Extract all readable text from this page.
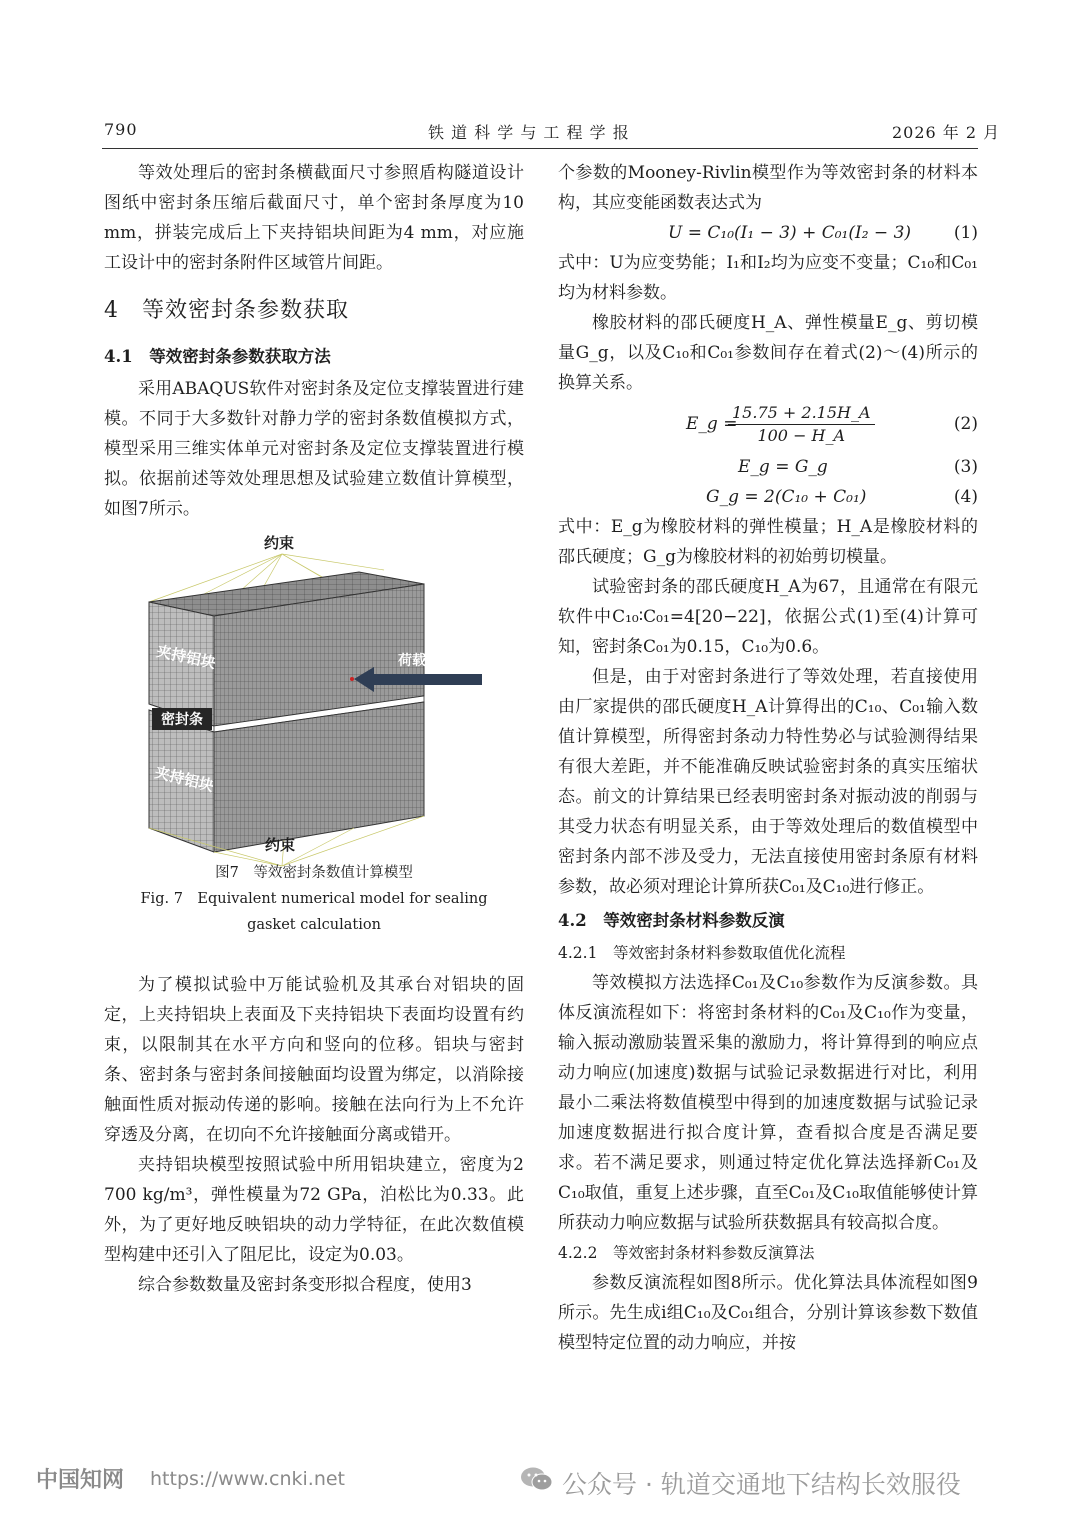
790	铁 道 科 学 与 工 程 学 报	2026 年 2 月

等效处理后的密封条横截面尺寸参照盾构隧道设计图纸中密封条压缩后截面尺寸，单个密封条厚度为10 mm，拼装完成后上下夹持铝块间距为4 mm，对应施工设计中的密封条附件区域管片间距。

4　等效密封条参数获取
4.1　等效密封条参数获取方法

采用ABAQUS软件对密封条及定位支撑装置进行建模。不同于大多数针对静力学的密封条数值模拟方式，模型采用三维实体单元对密封条及定位支撑装置进行模拟。依据前述等效处理思想及试验建立数值计算模型，如图7所示。

约束
夹持铝块
密封条
夹持铝块
荷载激励
约束
图7　等效密封条数值计算模型
Fig. 7　Equivalent numerical model for sealing gasket calculation

为了模拟试验中万能试验机及其承台对铝块的固定，上夹持铝块上表面及下夹持铝块下表面均设置有约束，以限制其在水平方向和竖向的位移。铝块与密封条、密封条与密封条间接触面均设置为绑定，以消除接触面性质对振动传递的影响。接触在法向行为上不允许穿透及分离，在切向不允许接触面分离或错开。

夹持铝块模型按照试验中所用铝块建立，密度为2 700 kg/m³，弹性模量为72 GPa，泊松比为0.33。此外，为了更好地反映铝块的动力学特征，在此次数值模型构建中还引入了阻尼比，设定为0.03。

综合参数数量及密封条变形拟合程度，使用3

个参数的Mooney-Rivlin模型作为等效密封条的材料本构，其应变能函数表达式为

U = C₁₀(I₁ − 3) + C₀₁(I₂ − 3)	(1)

式中：U为应变势能；I₁和I₂均为应变不变量；C₁₀和C₀₁均为材料参数。

橡胶材料的邵氏硬度H_A、弹性模量E_g、剪切模量G_g，以及C₁₀和C₀₁参数间存在着式(2)～(4)所示的换算关系。

E_g =
$\frac{15.75 + 2.15H\_A}{100 - H\_A}$	(2)
E_g = G_g	(3)
G_g = 2(C₁₀ + C₀₁)	(4)

式中：E_g为橡胶材料的弹性模量；H_A是橡胶材料的邵氏硬度；G_g为橡胶材料的初始剪切模量。

试验密封条的邵氏硬度H_A为67，且通常在有限元软件中C₁₀∶C₀₁=4[20−22]，依据公式(1)至(4)计算可知，密封条C₀₁为0.15，C₁₀为0.6。

但是，由于对密封条进行了等效处理，若直接使用由厂家提供的邵氏硬度H_A计算得出的C₁₀、C₀₁输入数值计算模型，所得密封条动力特性势必与试验测得结果有很大差距，并不能准确反映试验密封条的真实压缩状态。前文的计算结果已经表明密封条对振动波的削弱与其受力状态有明显关系，由于等效处理后的数值模型中密封条内部不涉及受力，无法直接使用密封条原有材料参数，故必须对理论计算所获C₀₁及C₁₀进行修正。

4.2　等效密封条材料参数反演
4.2.1　等效密封条材料参数取值优化流程

等效模拟方法选择C₀₁及C₁₀参数作为反演参数。具体反演流程如下：将密封条材料的C₀₁及C₁₀作为变量，输入振动激励装置采集的激励力，将计算得到的响应点动力响应(加速度)数据与试验记录数据进行对比，利用最小二乘法将数值模型中得到的加速度数据与试验记录加速度数据进行拟合度计算，查看拟合度是否满足要求。若不满足要求，则通过特定优化算法选择新C₀₁及C₁₀取值，重复上述步骤，直至C₀₁及C₁₀取值能够使计算所获动力响应数据与试验所获数据具有较高拟合度。

4.2.2　等效密封条材料参数反演算法

参数反演流程如图8所示。优化算法具体流程如图9所示。先生成i组C₁₀及C₀₁组合，分别计算该参数下数值模型特定位置的动力响应，并按

中国知网 https://www.cnki.net	公众号 · 轨道交通地下结构长效服役
